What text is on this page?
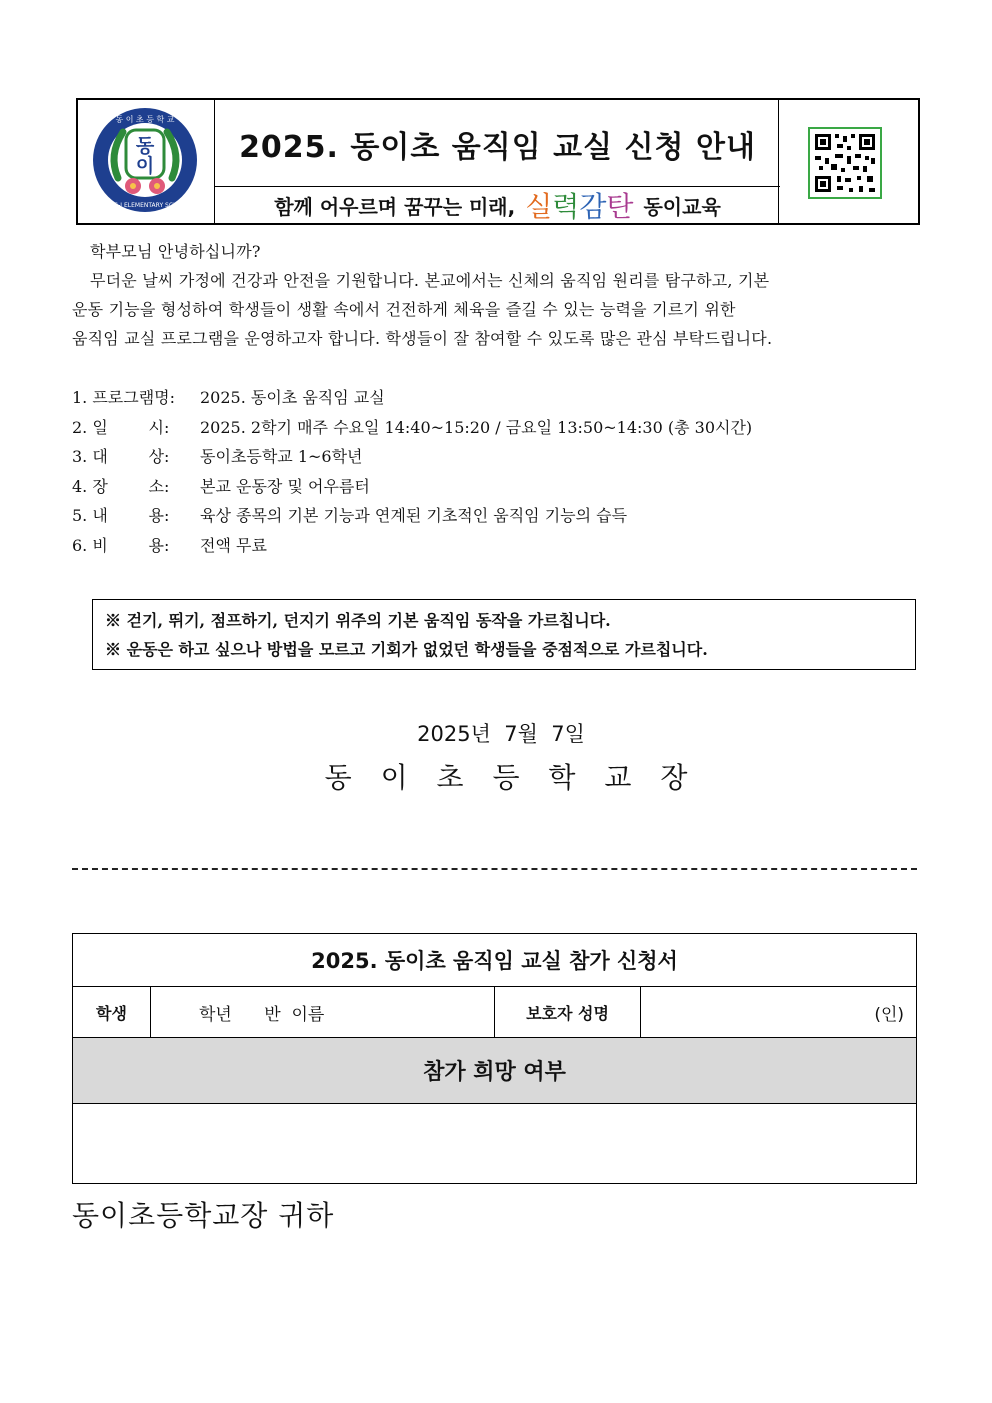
동
이
동 이 초 등 학 교
DONG-I ELEMENTARY SCHOOL
2025. 동이초 움직임 교실 신청 안내
함께 어우르며 꿈꾸는 미래, 실 력 감 탄 동이교육
학부모님 안녕하십니까?
무더운 날씨 가정에 건강과 안전을 기원합니다. 본교에서는 신체의 움직임 원리를 탐구하고, 기본
운동 기능을 형성하여 학생들이 생활 속에서 건전하게 체육을 즐길 수 있는 능력을 기르기 위한
움직임 교실 프로그램을 운영하고자 합니다. 학생들이 잘 참여할 수 있도록 많은 관심 부탁드립니다.
1. 프로그램명: 2025. 동이초 움직임 교실
2. 일        시: 2025. 2학기 매주 수요일 14:40~15:20 / 금요일 13:50~14:30 (총 30시간)
3. 대        상: 동이초등학교 1~6학년
4. 장        소: 본교 운동장 및 어우름터
5. 내        용: 육상 종목의 기본 기능과 연계된 기초적인 움직임 기능의 습득
6. 비        용: 전액 무료
※ 걷기, 뛰기, 점프하기, 던지기 위주의 기본 움직임 동작을 가르칩니다.
※ 운동은 하고 싶으나 방법을 모르고 기회가 없었던 학생들을 중점적으로 가르칩니다.
2025년  7월  7일
동 이 초 등 학 교 장
2025. 동이초 움직임 교실 참가 신청서
학생	학년      반  이름	보호자 성명	(인)
참가 희망 여부

동이초등학교장 귀하
